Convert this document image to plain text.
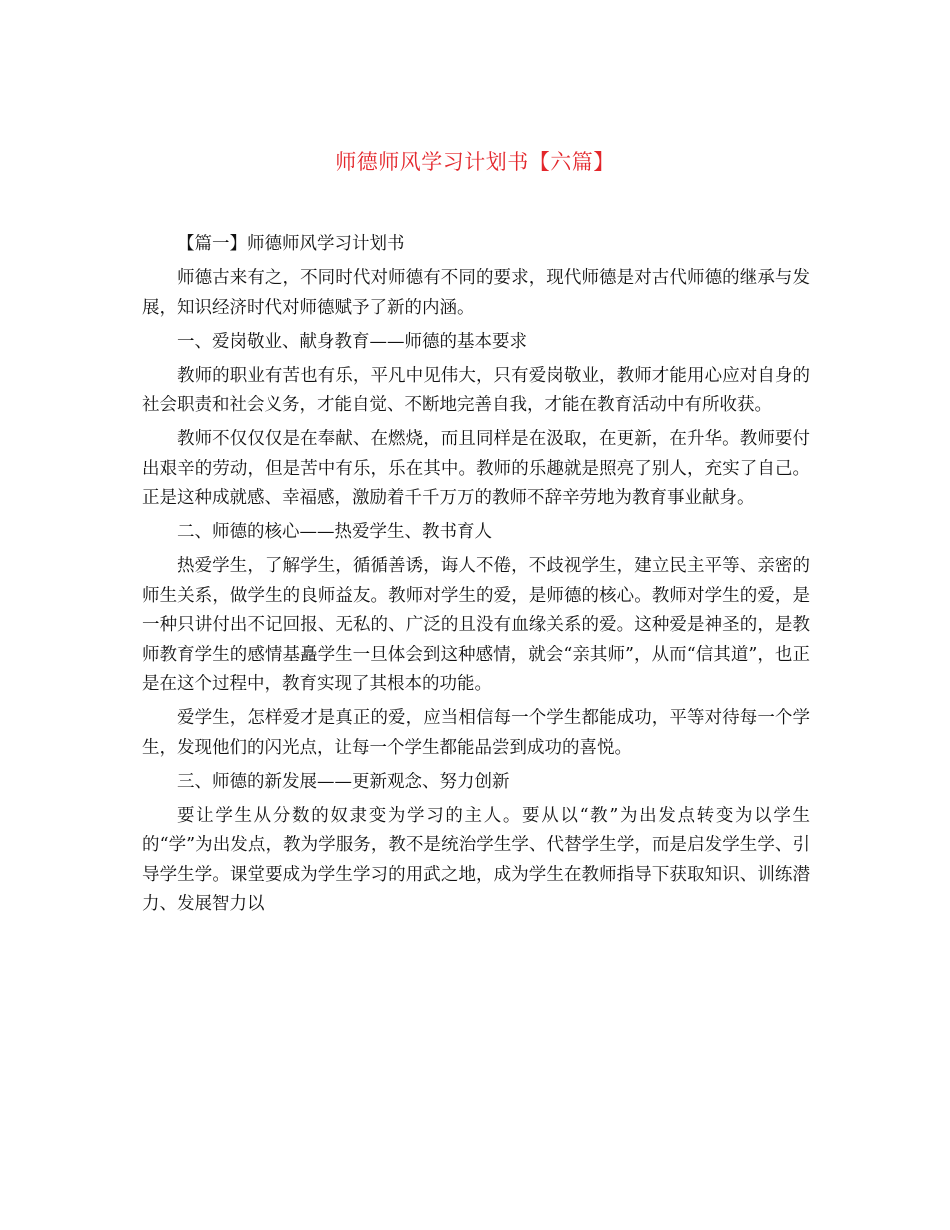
师德师风学习计划书【六篇】

【篇一】师德师风学习计划书

师德古来有之，不同时代对师德有不同的要求，现代师德是对古代师德的继承与发展，知识经济时代对师德赋予了新的内涵。

一、爱岗敬业、献身教育——师德的基本要求

教师的职业有苦也有乐，平凡中见伟大，只有爱岗敬业，教师才能用心应对自身的社会职责和社会义务，才能自觉、不断地完善自我，才能在教育活动中有所收获。

教师不仅仅仅是在奉献、在燃烧，而且同样是在汲取，在更新，在升华。教师要付出艰辛的劳动，但是苦中有乐，乐在其中。教师的乐趣就是照亮了别人，充实了自己。正是这种成就感、幸福感，激励着千千万万的教师不辞辛劳地为教育事业献身。

二、师德的核心——热爱学生、教书育人

热爱学生，了解学生，循循善诱，诲人不倦，不歧视学生，建立民主平等、亲密的师生关系，做学生的良师益友。教师对学生的爱，是师德的核心。教师对学生的爱，是一种只讲付出不记回报、无私的、广泛的且没有血缘关系的爱。这种爱是神圣的，是教师教育学生的感情基矗学生一旦体会到这种感情，就会“亲其师”，从而“信其道”，也正是在这个过程中，教育实现了其根本的功能。

爱学生，怎样爱才是真正的爱，应当相信每一个学生都能成功，平等对待每一个学生，发现他们的闪光点，让每一个学生都能品尝到成功的喜悦。

三、师德的新发展——更新观念、努力创新

要让学生从分数的奴隶变为学习的主人。要从以“教”为出发点转变为以学生的“学”为出发点，教为学服务，教不是统治学生学、代替学生学，而是启发学生学、引导学生学。课堂要成为学生学习的用武之地，成为学生在教师指导下获取知识、训练潜力、发展智力以
